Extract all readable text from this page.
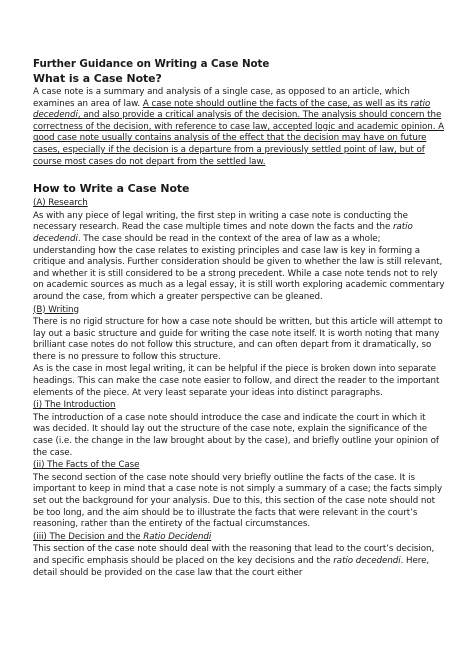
Further Guidance on Writing a Case Note

What is a Case Note?

A case note is a summary and analysis of a single case, as opposed to an article, which examines an area of law. A case note should outline the facts of the case, as well as its ratio decedendi, and also provide a critical analysis of the decision. The analysis should concern the correctness of the decision, with reference to case law, accepted logic and academic opinion. A good case note usually contains analysis of the effect that the decision may have on future cases, especially if the decision is a departure from a previously settled point of law, but of course most cases do not depart from the settled law.

How to Write a Case Note

(A) Research

As with any piece of legal writing, the first step in writing a case note is conducting the necessary research. Read the case multiple times and note down the facts and the ratio decedendi. The case should be read in the context of the area of law as a whole; understanding how the case relates to existing principles and case law is key in forming a critique and analysis. Further consideration should be given to whether the law is still relevant, and whether it is still considered to be a strong precedent. While a case note tends not to rely on academic sources as much as a legal essay, it is still worth exploring academic commentary around the case, from which a greater perspective can be gleaned.

(B) Writing

There is no rigid structure for how a case note should be written, but this article will attempt to lay out a basic structure and guide for writing the case note itself. It is worth noting that many brilliant case notes do not follow this structure, and can often depart from it dramatically, so there is no pressure to follow this structure.

As is the case in most legal writing, it can be helpful if the piece is broken down into separate headings. This can make the case note easier to follow, and direct the reader to the important elements of the piece. At very least separate your ideas into distinct paragraphs.

(i) The Introduction

The introduction of a case note should introduce the case and indicate the court in which it was decided. It should lay out the structure of the case note, explain the significance of the case (i.e. the change in the law brought about by the case), and briefly outline your opinion of the case.

(ii) The Facts of the Case

The second section of the case note should very briefly outline the facts of the case. It is important to keep in mind that a case note is not simply a summary of a case; the facts simply set out the background for your analysis. Due to this, this section of the case note should not be too long, and the aim should be to illustrate the facts that were relevant in the court’s reasoning, rather than the entirety of the factual circumstances.

(iii) The Decision and the Ratio Decidendi

This section of the case note should deal with the reasoning that lead to the court’s decision, and specific emphasis should be placed on the key decisions and the ratio decedendi. Here, detail should be provided on the case law that the court either
